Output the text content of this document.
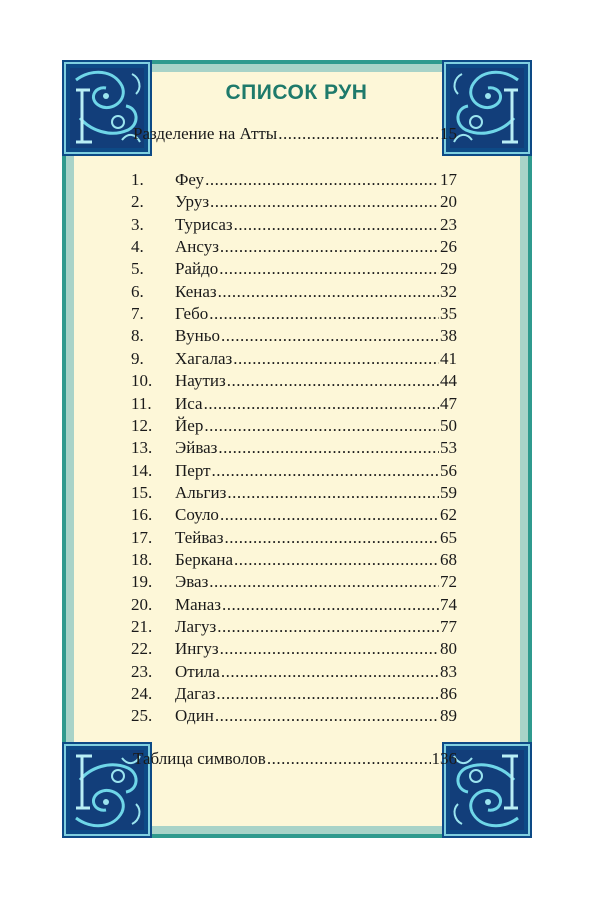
СПИСОК РУН
Разделение на Атты .....	15
1.	Феу .....	17
2.	Уруз .....	20
3.	Турисаз .....	23
4.	Ансуз .....	26
5.	Райдо .....	29
6.	Кеназ .....	32
7.	Гебо .....	35
8.	Вуньо .....	38
9.	Хагалаз .....	41
10.	Наутиз .....	44
11.	Иса .....	47
12.	Йер .....	50
13.	Эйваз .....	53
14.	Перт .....	56
15.	Альгиз .....	59
16.	Соуло .....	62
17.	Тейваз .....	65
18.	Беркана .....	68
19.	Эваз .....	72
20.	Маназ .....	74
21.	Лагуз .....	77
22.	Ингуз .....	80
23.	Отила .....	83
24.	Дагаз .....	86
25.	Один .....	89
Таблица символов .....	136
